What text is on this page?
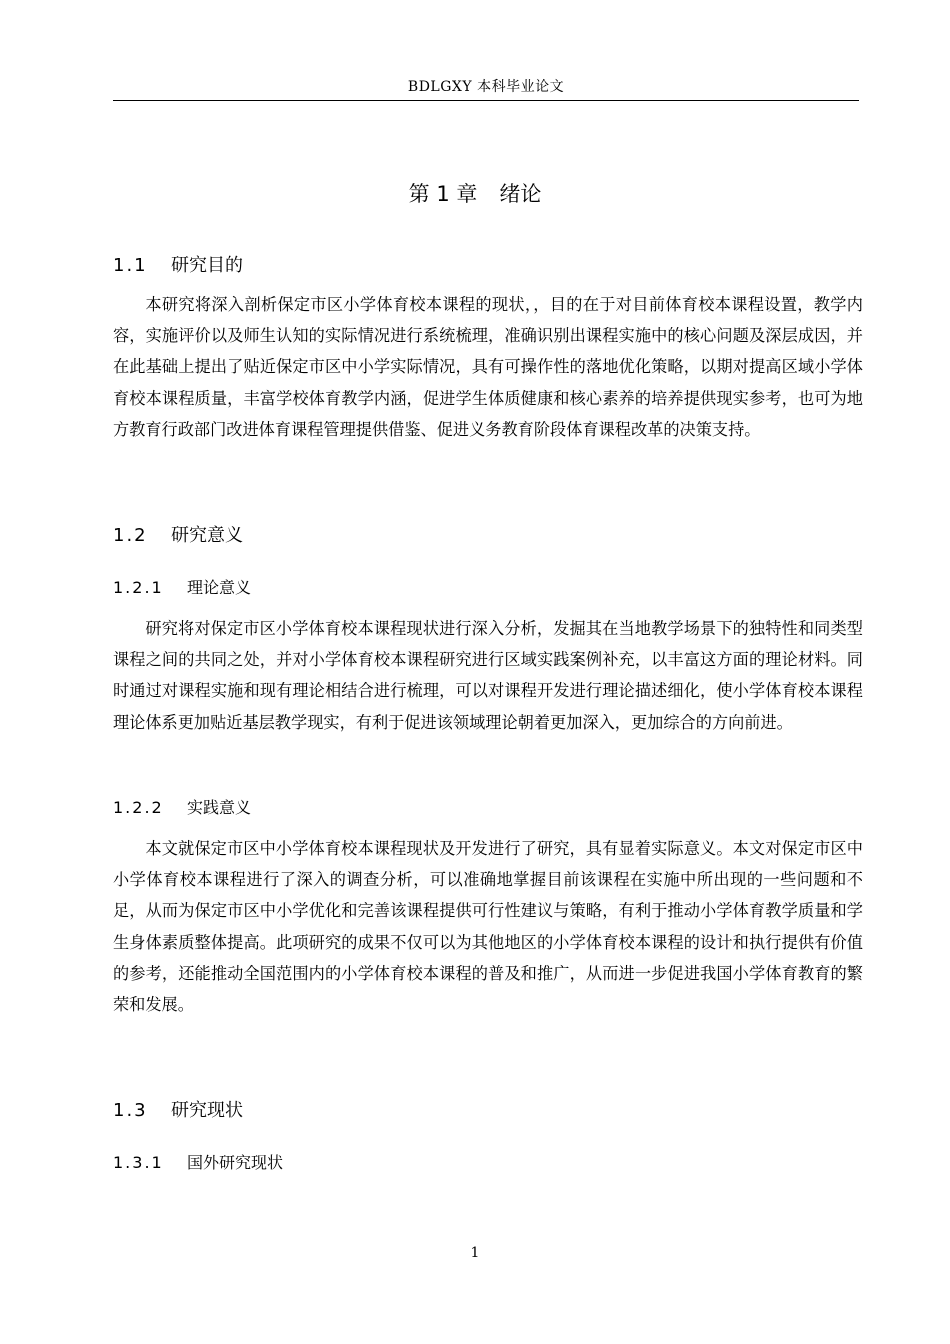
BDLGXY 本科毕业论文
第 1 章 绪论
1.1 研究目的
本研究将深入剖析保定市区小学体育校本课程的现状，，目的在于对目前体育校本课程设置，教学内容，实施评价以及师生认知的实际情况进行系统梳理，准确识别出课程实施中的核心问题及深层成因，并在此基础上提出了贴近保定市区中小学实际情况，具有可操作性的落地优化策略，以期对提高区域小学体育校本课程质量，丰富学校体育教学内涵，促进学生体质健康和核心素养的培养提供现实参考，也可为地方教育行政部门改进体育课程管理提供借鉴、促进义务教育阶段体育课程改革的决策支持。
1.2 研究意义
1.2.1 理论意义
研究将对保定市区小学体育校本课程现状进行深入分析，发掘其在当地教学场景下的独特性和同类型课程之间的共同之处，并对小学体育校本课程研究进行区域实践案例补充，以丰富这方面的理论材料。同时通过对课程实施和现有理论相结合进行梳理，可以对课程开发进行理论描述细化，使小学体育校本课程理论体系更加贴近基层教学现实，有利于促进该领域理论朝着更加深入，更加综合的方向前进。
1.2.2 实践意义
本文就保定市区中小学体育校本课程现状及开发进行了研究，具有显着实际意义。本文对保定市区中小学体育校本课程进行了深入的调查分析，可以准确地掌握目前该课程在实施中所出现的一些问题和不足，从而为保定市区中小学优化和完善该课程提供可行性建议与策略，有利于推动小学体育教学质量和学生身体素质整体提高。此项研究的成果不仅可以为其他地区的小学体育校本课程的设计和执行提供有价值的参考，还能推动全国范围内的小学体育校本课程的普及和推广，从而进一步促进我国小学体育教育的繁荣和发展。
1.3 研究现状
1.3.1 国外研究现状
1
